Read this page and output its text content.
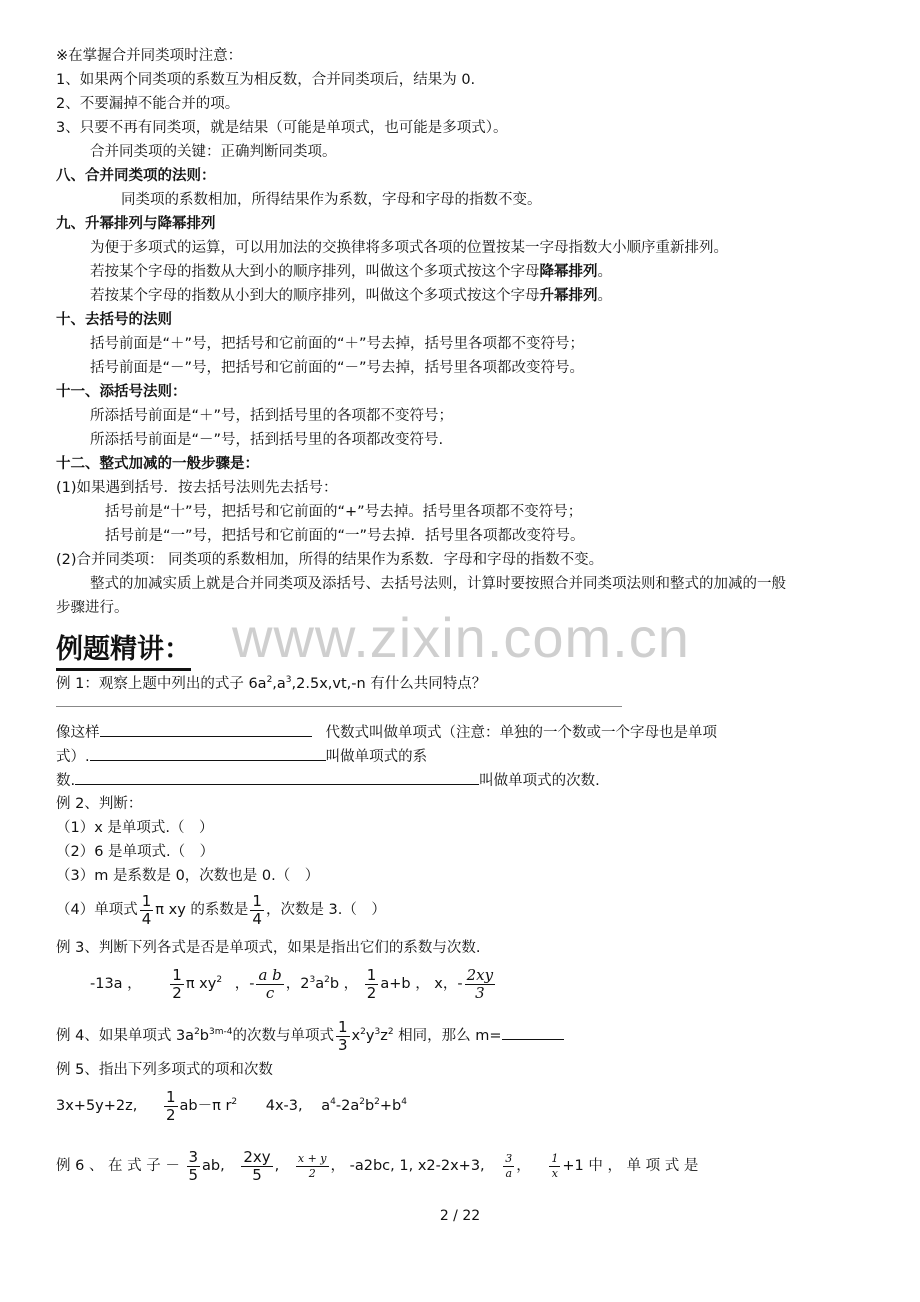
www.zixin.com.cn
※在掌握合并同类项时注意：
1、如果两个同类项的系数互为相反数，合并同类项后，结果为 0.
2、不要漏掉不能合并的项。
3、只要不再有同类项，就是结果（可能是单项式，也可能是多项式）。
合并同类项的关键：正确判断同类项。
八、合并同类项的法则：
同类项的系数相加，所得结果作为系数，字母和字母的指数不变。
九、升幂排列与降幂排列
为便于多项式的运算，可以用加法的交换律将多项式各项的位置按某一字母指数大小顺序重新排列。
若按某个字母的指数从大到小的顺序排列，叫做这个多项式按这个字母降幂排列。
若按某个字母的指数从小到大的顺序排列，叫做这个多项式按这个字母升幂排列。
十、去括号的法则
括号前面是“＋”号，把括号和它前面的“＋”号去掉，括号里各项都不变符号；
括号前面是“－”号，把括号和它前面的“－”号去掉，括号里各项都改变符号。
十一、添括号法则：
所添括号前面是“＋”号，括到括号里的各项都不变符号；
所添括号前面是“－”号，括到括号里的各项都改变符号.
十二、整式加减的一般步骤是：
(1)如果遇到括号．按去括号法则先去括号：
括号前是“十”号，把括号和它前面的“+”号去掉。括号里各项都不变符号；
括号前是“一”号，把括号和它前面的“一”号去掉．括号里各项都改变符号。
(2)合并同类项： 同类项的系数相加，所得的结果作为系数．字母和字母的指数不变。
整式的加减实质上就是合并同类项及添括号、去括号法则，计算时要按照合并同类项法则和整式的加减的一般
步骤进行。
例题精讲：
例 1：观察上题中列出的式子 $6a^2,a^3,2.5x,vt,-n$ 有什么共同特点？
像这样	代数式叫做单项式（注意：单独的一个数或一个字母也是单项
式）.	叫做单项式的系
数.	叫做单项式的次数.
例 2、判断：
（1）x 是单项式.（　）
（2）6 是单项式.（　）
（3）m 是系数是 0，次数也是 0.（　）
（4）单项式 $\frac{1}{4}$ π xy 的系数是 $\frac{1}{4}$ ，次数是 3.（　）
例 3、判断下列各式是否是单项式，如果是指出它们的系数与次数.
-13a ， $\frac{1}{2}$ π $xy^2$ ，- $\frac{\text{a b}}{c}$ ，$2^3a^2b$ ， $\frac{1}{2} a+b$ ， x，- $\frac{2xy}{3}$
例 4、如果单项式 $3a^2b^{3m-4}$的次数与单项式 $\frac{1}{3} x^2y^3z^2$ 相同，那么 m=
例 5、指出下列多项式的项和次数
3x+5y+2z, $\frac{1}{2} ab-\pi$ $r^2$ 4x-3, $a^4-2a^2b^2+b^4$
例 6 、 在 式 子 － $\frac{3}{5}$ ab, $\frac{2xy}{5}$ , $\frac{x + y}{2}$ ， -a2bc, 1, x2-2x+3, $\frac{3}{a}$ ， $\frac{1}{x} +1$ 中 ， 单 项 式 是
2 / 22
